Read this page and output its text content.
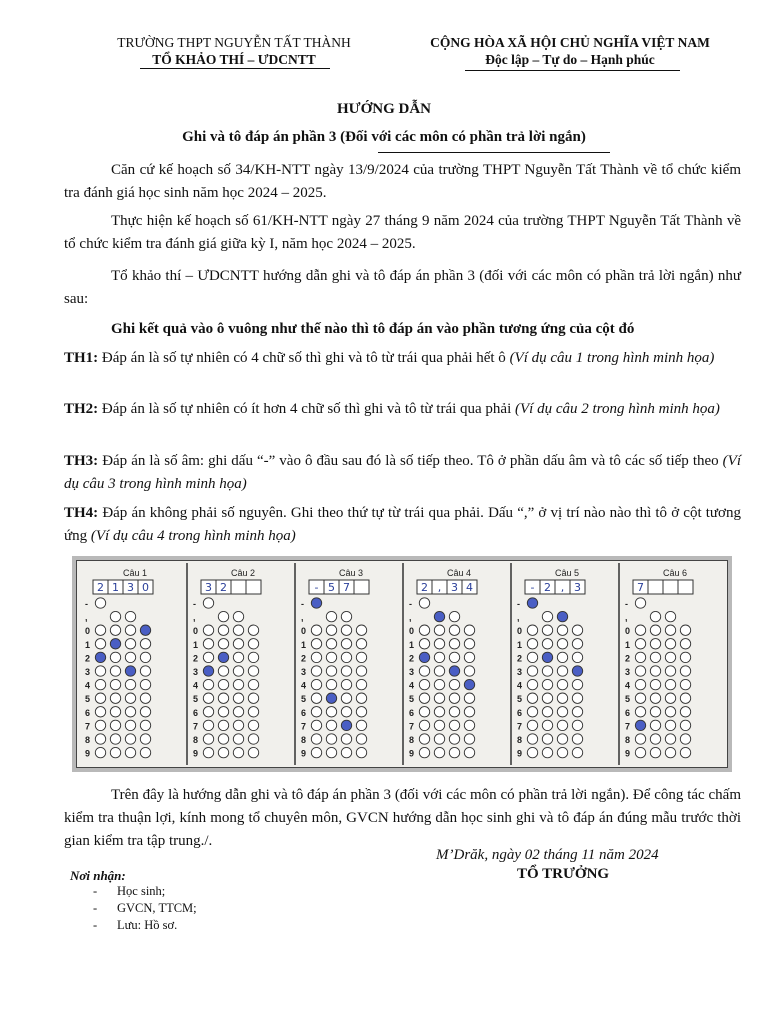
TRƯỜNG THPT NGUYỄN TẤT THÀNH
TỔ KHẢO THÍ – ƯDCNTT
CỘNG HÒA XÃ HỘI CHỦ NGHĨA VIỆT NAM
Độc lập – Tự do – Hạnh phúc
HƯỚNG DẪN
Ghi và tô đáp án phần 3 (Đối với các môn có phần trả lời ngắn)
Căn cứ kế hoạch số 34/KH-NTT ngày 13/9/2024 của trường THPT Nguyễn Tất Thành về tổ chức kiểm tra đánh giá học sinh năm học 2024 – 2025.
Thực hiện kế hoạch số 61/KH-NTT ngày 27 tháng 9 năm 2024 của trường THPT Nguyễn Tất Thành về tổ chức kiểm tra đánh giá giữa kỳ I, năm học 2024 – 2025.
Tổ khảo thí – ƯDCNTT hướng dẫn ghi và tô đáp án phần 3 (đối với các môn có phần trả lời ngắn) như sau:
Ghi kết quả vào ô vuông như thế nào thì tô đáp án vào phần tương ứng của cột đó
TH1: Đáp án là số tự nhiên có 4 chữ số thì ghi và tô từ trái qua phải hết ô (Ví dụ câu 1 trong hình minh họa)
TH2: Đáp án là số tự nhiên có ít hơn 4 chữ số thì ghi và tô từ trái qua phải (Ví dụ câu 2 trong hình minh họa)
TH3: Đáp án là số âm: ghi dấu “-” vào ô đầu sau đó là số tiếp theo. Tô ở phần dấu âm và tô các số tiếp theo (Ví dụ câu 3 trong hình minh họa)
TH4: Đáp án không phải số nguyên. Ghi theo thứ tự từ trái qua phải. Dấu “,” ở vị trí nào nào thì tô ở cột tương ứng (Ví dụ câu 4 trong hình minh họa)
Câu 1
2 1 3 0
-
,
0
1
2
3
4
5
6
7
8
9
Câu 2
3 2
-
,
0
1
2
3
4
5
6
7
8
9
Câu 3
- 5 7
-
,
0
1
2
3
4
5
6
7
8
9
Câu 4
2 , 3 4
-
,
0
1
2
3
4
5
6
7
8
9
Câu 5
- 2 , 3
-
,
0
1
2
3
4
5
6
7
8
9
Câu 6
7
-
,
0
1
2
3
4
5
6
7
8
9
Trên đây là hướng dẫn ghi và tô đáp án phần 3 (đối với các môn có phần trả lời ngắn). Để công tác chấm kiểm tra thuận lợi, kính mong tổ chuyên môn, GVCN hướng dẫn học sinh ghi và tô đáp án đúng mẫu trước thời gian kiểm tra tập trung./.
M’Drăk, ngày 02 tháng 11 năm 2024
TỔ TRƯỞNG
Nơi nhận:
- Học sinh;
- GVCN, TTCM;
- Lưu: Hồ sơ.
